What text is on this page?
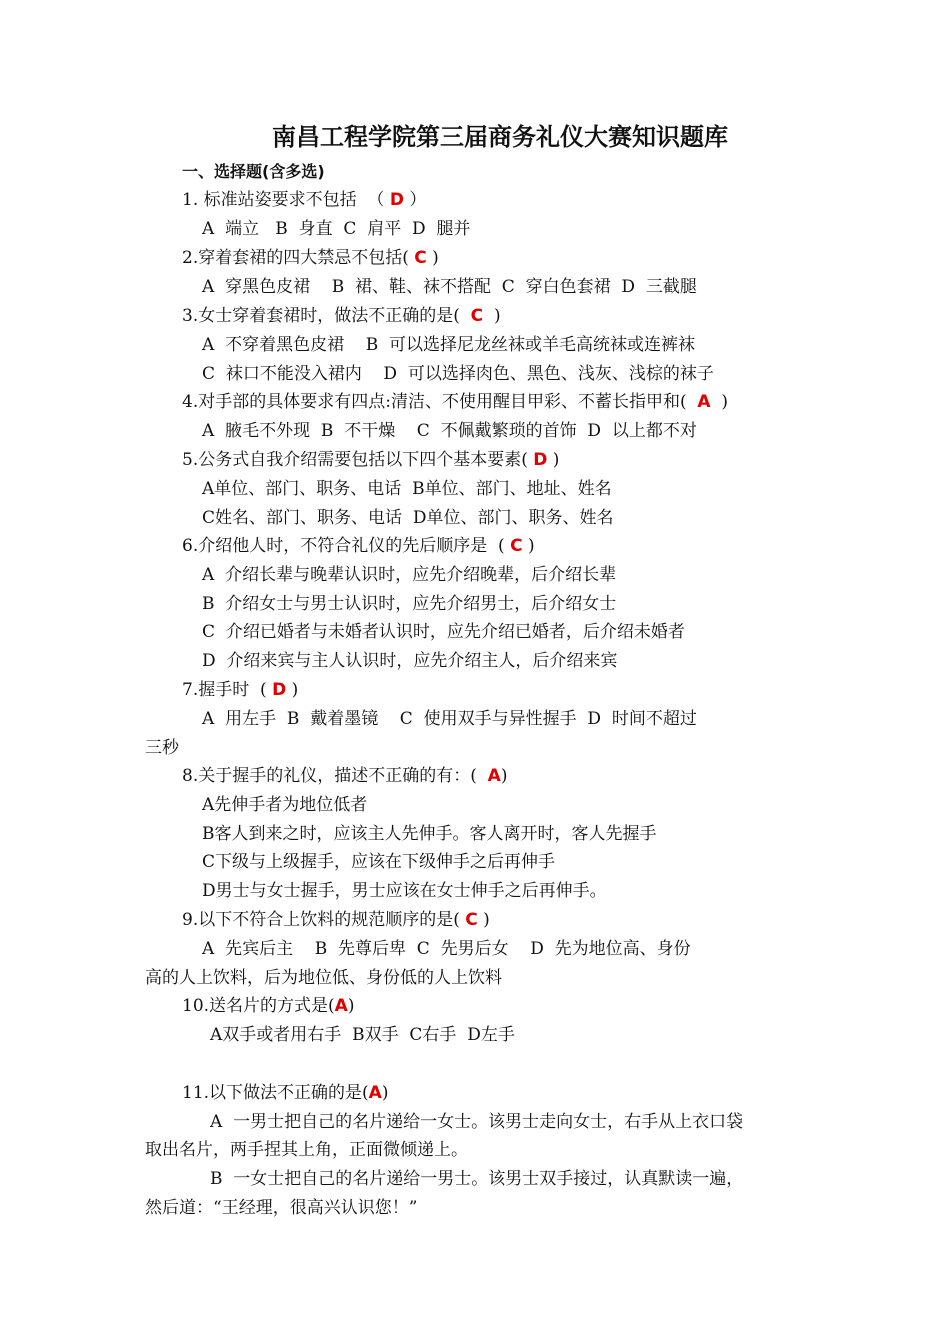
南昌工程学院第三届商务礼仪大赛知识题库
一、选择题(含多选)
1. 标准站姿要求不包括  （ D ）
A  端立   B  身直  C  肩平  D  腿并
2.穿着套裙的四大禁忌不包括( C )
A  穿黑色皮裙    B  裙、鞋、袜不搭配  C  穿白色套裙  D  三截腿
3.女士穿着套裙时，做法不正确的是(  C  )
A  不穿着黑色皮裙    B  可以选择尼龙丝袜或羊毛高统袜或连裤袜
C  袜口不能没入裙内    D  可以选择肉色、黑色、浅灰、浅棕的袜子
4.对手部的具体要求有四点:清洁、不使用醒目甲彩、不蓄长指甲和(  A  )
A  腋毛不外现  B  不干燥    C  不佩戴繁琐的首饰  D  以上都不对
5.公务式自我介绍需要包括以下四个基本要素( D )
A单位、部门、职务、电话  B单位、部门、地址、姓名
C姓名、部门、职务、电话  D单位、部门、职务、姓名
6.介绍他人时，不符合礼仪的先后顺序是  ( C )
A  介绍长辈与晚辈认识时，应先介绍晚辈，后介绍长辈
B  介绍女士与男士认识时，应先介绍男士，后介绍女士
C  介绍已婚者与未婚者认识时，应先介绍已婚者，后介绍未婚者
D  介绍来宾与主人认识时，应先介绍主人，后介绍来宾
7.握手时  ( D )
A  用左手  B  戴着墨镜    C  使用双手与异性握手  D  时间不超过
三秒
8.关于握手的礼仪，描述不正确的有：(  A)
A先伸手者为地位低者
B客人到来之时，应该主人先伸手。客人离开时，客人先握手
C下级与上级握手，应该在下级伸手之后再伸手
D男士与女士握手，男士应该在女士伸手之后再伸手。
9.以下不符合上饮料的规范顺序的是( C )
A  先宾后主    B  先尊后卑  C  先男后女    D  先为地位高、身份
高的人上饮料，后为地位低、身份低的人上饮料
10.送名片的方式是(A)
A双手或者用右手  B双手  C右手  D左手
11.以下做法不正确的是(A)
A  一男士把自己的名片递给一女士。该男士走向女士，右手从上衣口袋
取出名片，两手捏其上角，正面微倾递上。
B  一女士把自己的名片递给一男士。该男士双手接过，认真默读一遍，
然后道：“王经理，很高兴认识您！”
